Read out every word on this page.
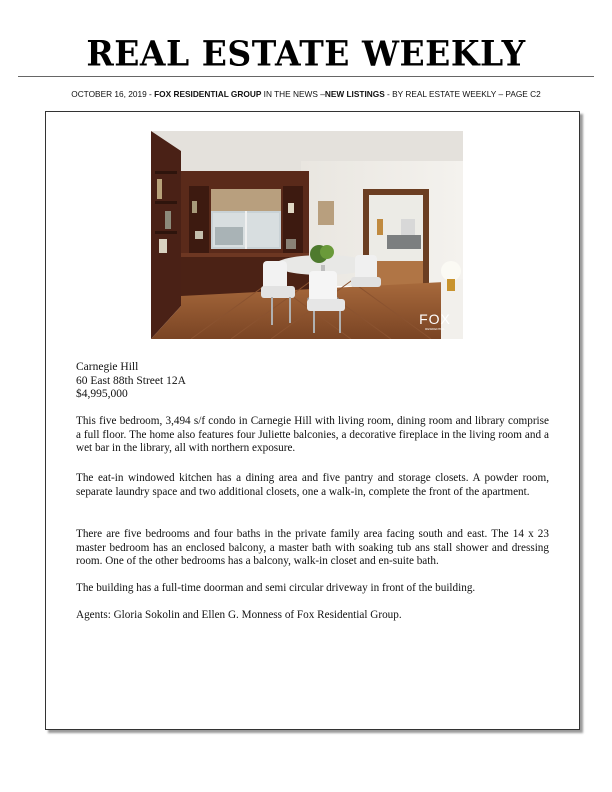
REAL ESTATE WEEKLY
OCTOBER 16, 2019 - FOX RESIDENTIAL GROUP IN THE NEWS –NEW LISTINGS - BY REAL ESTATE WEEKLY – PAGE C2
FOX
RESIDENTIAL
Carnegie Hill
60 East 88th Street 12A
$4,995,000

This five bedroom, 3,494 s/f condo in Carnegie Hill with living room, dining room and library comprise a full floor. The home also features four Juliette balconies, a decorative fireplace in the living room and a wet bar in the library, all with northern exposure.

The eat-in windowed kitchen has a dining area and five pantry and storage closets. A powder room, separate laundry space and two additional closets, one a walk-in, complete the front of the apartment.

There are five bedrooms and four baths in the private family area facing south and east. The 14 x 23 master bedroom has an enclosed balcony, a master bath with soaking tub ans stall shower and dressing room. One of the other bedrooms has a balcony, walk-in closet and en-suite bath.

The building has a full-time doorman and semi circular driveway in front of the building.

Agents: Gloria Sokolin and Ellen G. Monness of Fox Residential Group.
